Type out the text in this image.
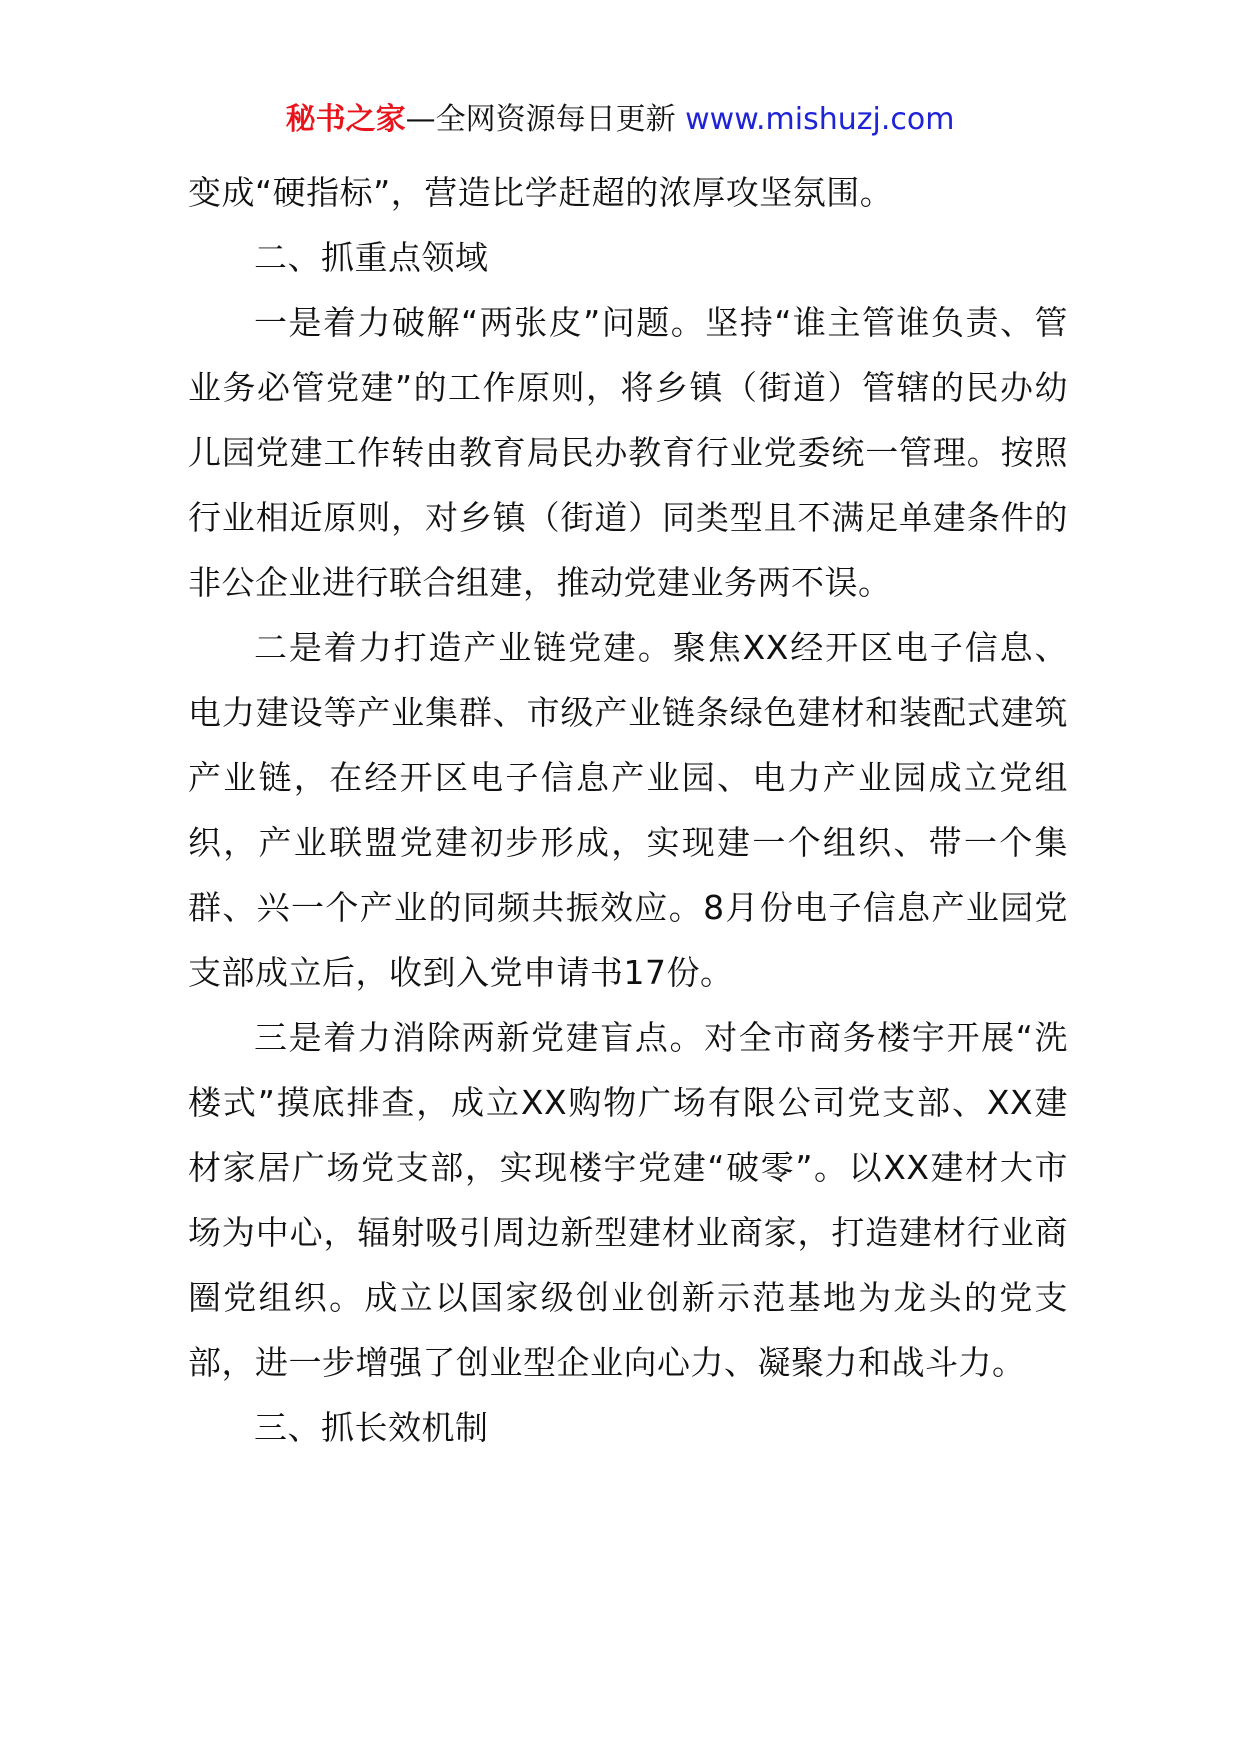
秘书之家—全网资源每日更新 www.mishuzj.com

变成“硬指标”，营造比学赶超的浓厚攻坚氛围。

二、抓重点领域

一是着力破解“两张皮”问题。坚持“谁主管谁负责、管业务必管党建”的工作原则，将乡镇（街道）管辖的民办幼儿园党建工作转由教育局民办教育行业党委统一管理。按照行业相近原则，对乡镇（街道）同类型且不满足单建条件的非公企业进行联合组建，推动党建业务两不误。

二是着力打造产业链党建。聚焦XX经开区电子信息、电力建设等产业集群、市级产业链条绿色建材和装配式建筑产业链，在经开区电子信息产业园、电力产业园成立党组织，产业联盟党建初步形成，实现建一个组织、带一个集群、兴一个产业的同频共振效应。8月份电子信息产业园党支部成立后，收到入党申请书17份。

三是着力消除两新党建盲点。对全市商务楼宇开展“洗楼式”摸底排查，成立XX购物广场有限公司党支部、XX建材家居广场党支部，实现楼宇党建“破零”。以XX建材大市场为中心，辐射吸引周边新型建材业商家，打造建材行业商圈党组织。成立以国家级创业创新示范基地为龙头的党支部，进一步增强了创业型企业向心力、凝聚力和战斗力。

三、抓长效机制
